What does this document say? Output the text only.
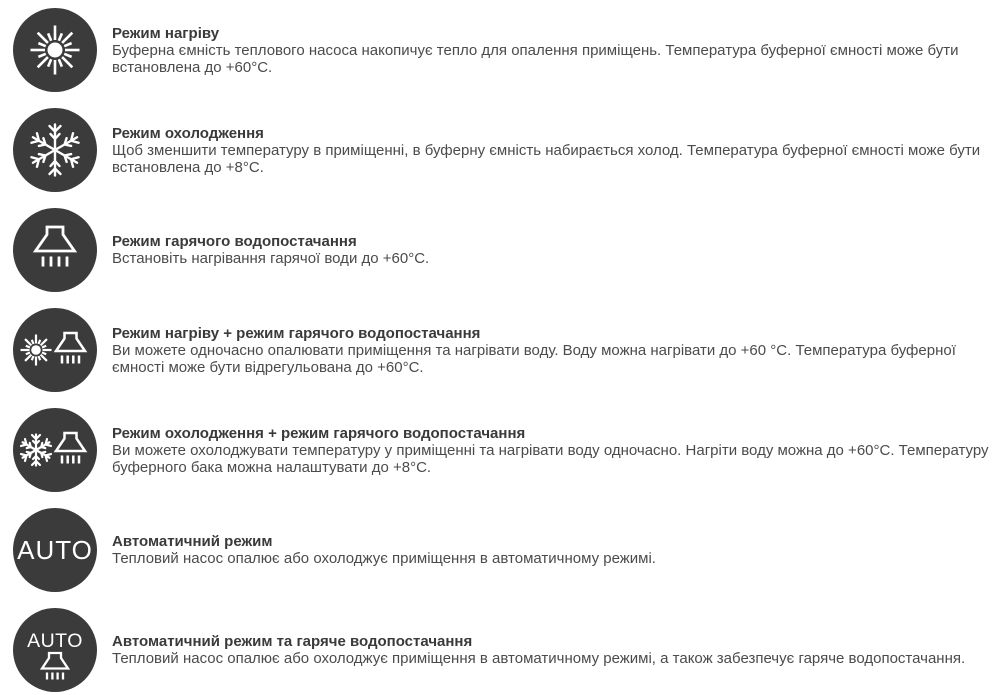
Режим нагріву
Буферна ємність теплового насоса накопичує тепло для опалення приміщень. Температура буферної ємності може бути встановлена до +60°C.
Режим охолодження
Щоб зменшити температуру в приміщенні, в буферну ємність набирається холод. Температура буферної ємності може бути встановлена до +8°C.
Режим гарячого водопостачання
Встановіть нагрівання гарячої води до +60°C.
Режим нагріву + режим гарячого водопостачання
Ви можете одночасно опалювати приміщення та нагрівати воду. Воду можна нагрівати до +60 °C. Температура буферної ємності може бути відрегульована до +60°C.
Режим охолодження + режим гарячого водопостачання
Ви можете охолоджувати температуру у приміщенні та нагрівати воду одночасно. Нагріти воду можна до +60°C. Температуру буферного бака можна налаштувати до +8°C.
AUTO Автоматичний режим
Тепловий насос опалює або охолоджує приміщення в автоматичному режимі.
AUTO Автоматичний режим та гаряче водопостачання
Тепловий насос опалює або охолоджує приміщення в автоматичному режимі, а також забезпечує гаряче водопостачання.
